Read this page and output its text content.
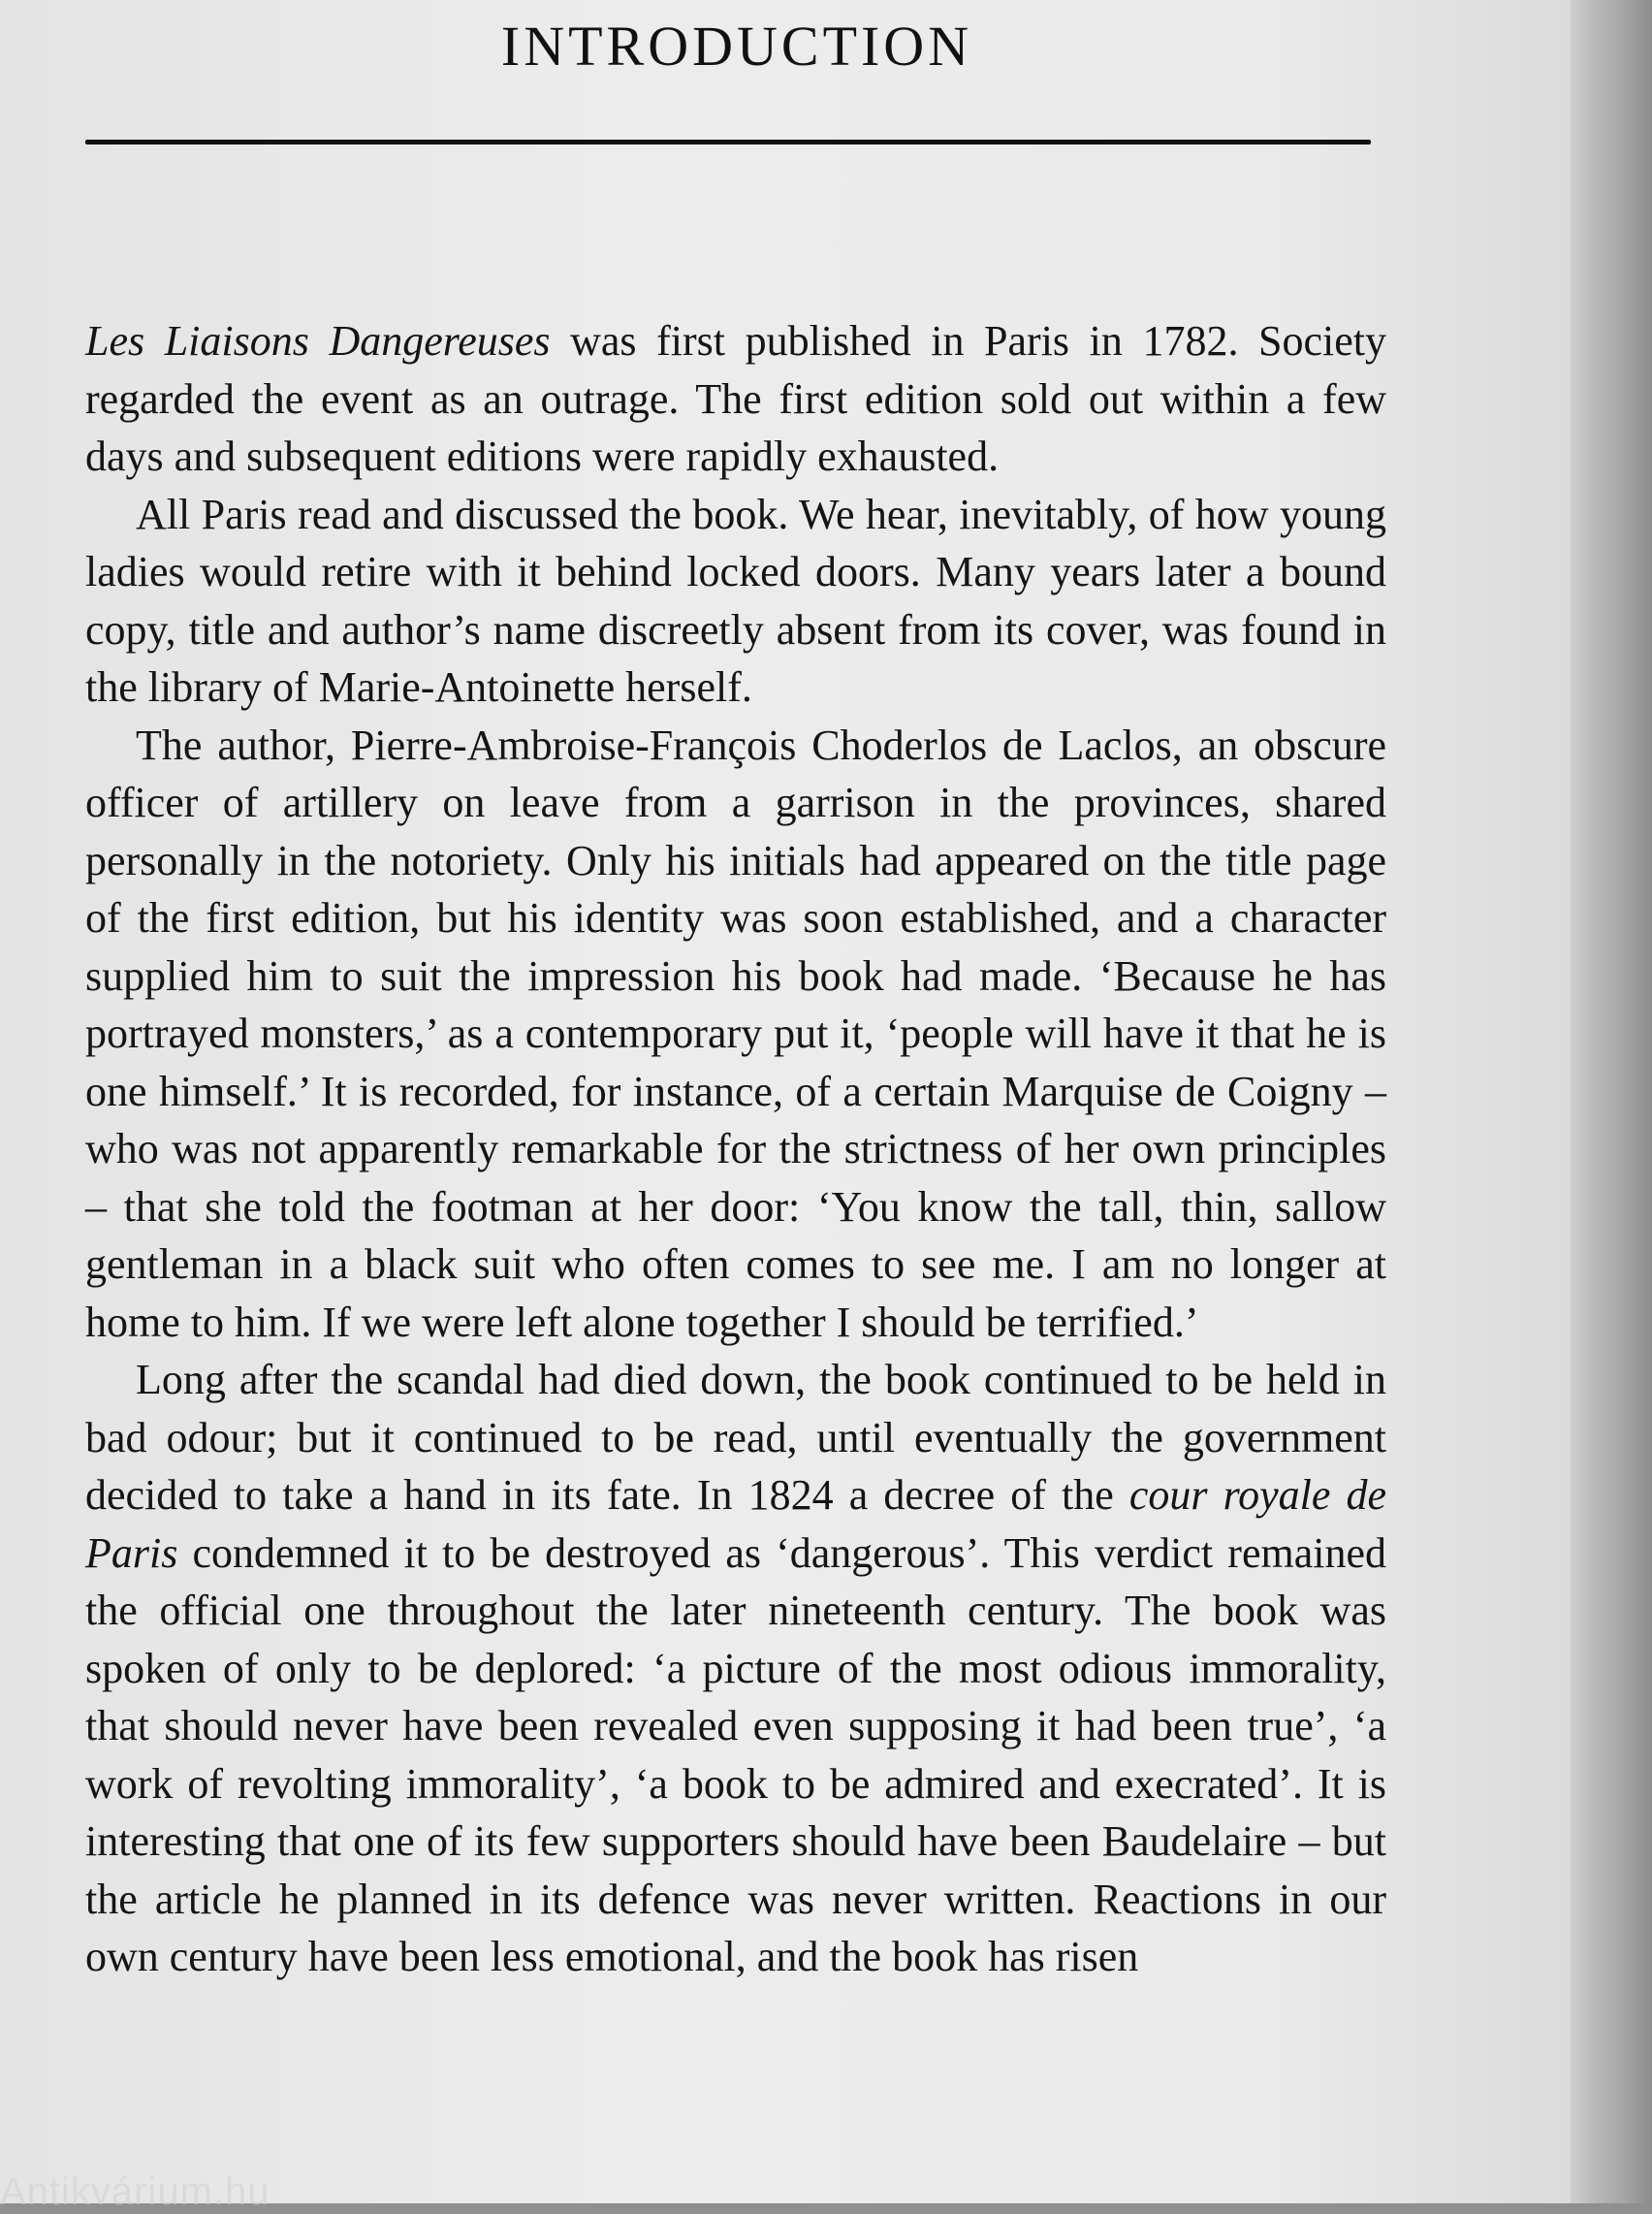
INTRODUCTION

Les Liaisons Dangereuses was first published in Paris in 1782. Society regarded the event as an outrage. The first edition sold out within a few days and subsequent editions were rapidly exhausted.

All Paris read and discussed the book. We hear, inevitably, of how young ladies would retire with it behind locked doors. Many years later a bound copy, title and author’s name discreetly absent from its cover, was found in the library of Marie-Antoinette herself.

The author, Pierre-Ambroise-François Choderlos de Laclos, an obscure officer of artillery on leave from a garrison in the provinces, shared personally in the notoriety. Only his initials had appeared on the title page of the first edition, but his identity was soon established, and a character supplied him to suit the impression his book had made. ‘Because he has portrayed monsters,’ as a contemporary put it, ‘people will have it that he is one himself.’ It is recorded, for instance, of a certain Marquise de Coigny – who was not apparently remarkable for the strictness of her own principles – that she told the footman at her door: ‘You know the tall, thin, sallow gentleman in a black suit who often comes to see me. I am no longer at home to him. If we were left alone together I should be terrified.’

Long after the scandal had died down, the book continued to be held in bad odour; but it continued to be read, until eventually the government decided to take a hand in its fate. In 1824 a decree of the cour royale de Paris condemned it to be destroyed as ‘dangerous’. This verdict remained the official one throughout the later nineteenth century. The book was spoken of only to be deplored: ‘a picture of the most odious immorality, that should never have been revealed even supposing it had been true’, ‘a work of revolting immorality’, ‘a book to be admired and execrated’. It is interesting that one of its few supporters should have been Baudelaire – but the article he planned in its defence was never written. Reactions in our own century have been less emotional, and the book has risen

Antikvárium.hu
